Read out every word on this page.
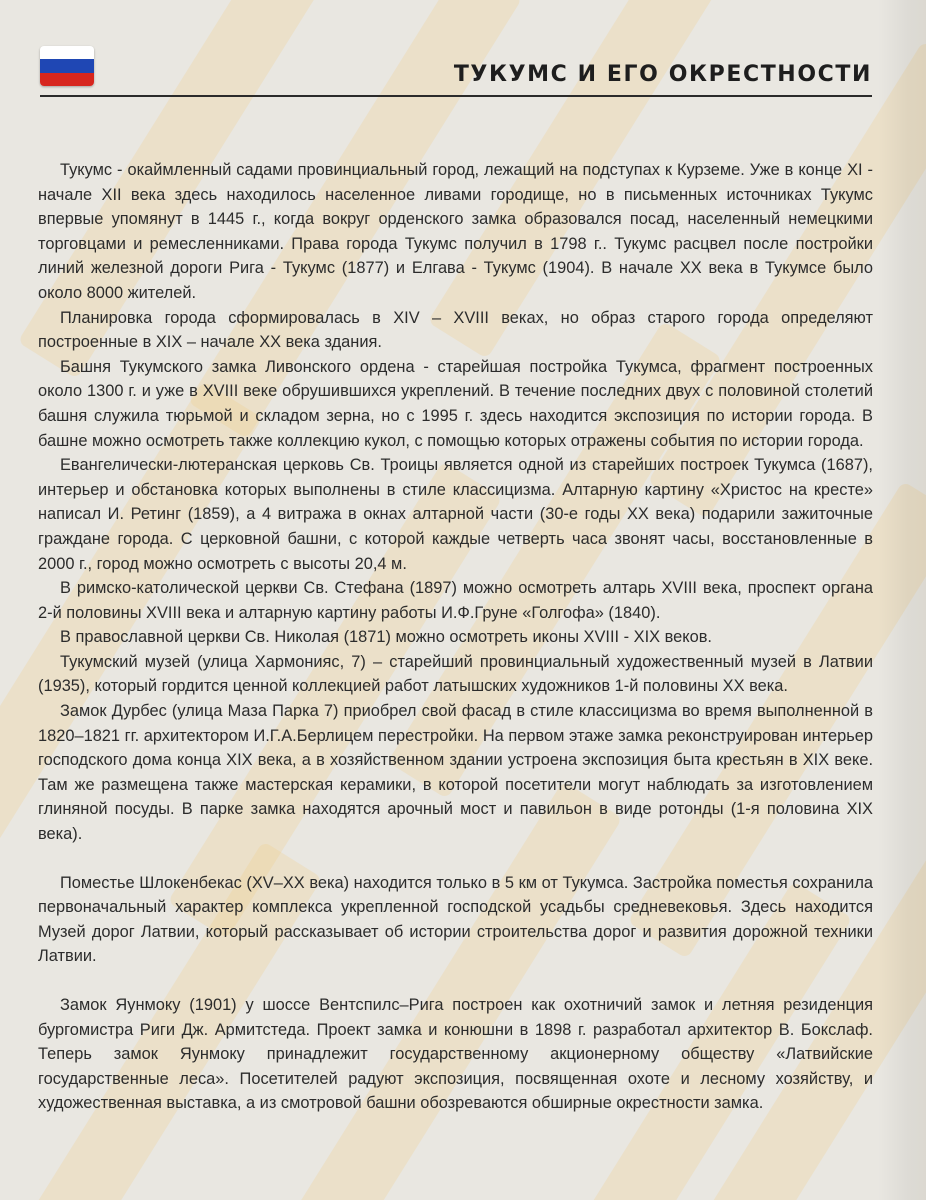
ТУКУМС И ЕГО ОКРЕСТНОСТИ

Тукумс - окаймленный садами провинциальный город, лежащий на подступах к Курземе. Уже в конце XI - начале XII века здесь находилось населенное ливами городище, но в письменных источниках Тукумс впервые упомянут в 1445 г., когда вокруг орденского замка образовался посад, населенный немецкими торговцами и ремесленниками. Права города Тукумс получил в 1798 г.. Тукумс расцвел после постройки линий железной дороги Рига - Тукумс (1877) и Елгава - Тукумс (1904). В начале XX века в Тукумсе было около 8000 жителей.

Планировка города сформировалась в XIV – XVIII веках, но образ старого города определяют построенные в XIX – начале XX века здания.

Башня Тукумского замка Ливонского ордена - старейшая постройка Тукумса, фрагмент построенных около 1300 г. и уже в XVIII веке обрушившихся укреплений. В течение последних двух с половиной столетий башня служила тюрьмой и складом зерна, но с 1995 г. здесь находится экспозиция по истории города. В башне можно осмотреть также коллекцию кукол, с помощью которых отражены события по истории города.

Евангелически-лютеранская церковь Св. Троицы является одной из старейших построек Тукумса (1687), интерьер и обстановка которых выполнены в стиле классицизма. Алтарную картину «Христос на кресте» написал И. Ретинг (1859), а 4 витража в окнах алтарной части (30-е годы XX века) подарили зажиточные граждане города. С церковной башни, с которой каждые четверть часа звонят часы, восстановленные в 2000 г., город можно осмотреть с высоты 20,4 м.

В римско-католической церкви Св. Стефана (1897) можно осмотреть алтарь XVIII века, проспект органа 2-й половины XVIII века и алтарную картину работы И.Ф.Груне «Голгофа» (1840).

В православной церкви Св. Николая (1871) можно осмотреть иконы XVIII - XIX веков.

Тукумский музей (улица Хармонияс, 7) – старейший провинциальный художественный музей в Латвии (1935), который гордится ценной коллекцией работ латышских художников 1-й половины XX века.

Замок Дурбес (улица Маза Парка 7) приобрел свой фасад в стиле классицизма во время выполненной в 1820–1821 гг. архитектором И.Г.А.Берлицем перестройки. На первом этаже замка реконструирован интерьер господского дома конца XIX века, а в хозяйственном здании устроена экспозиция быта крестьян в XIX веке. Там же размещена также мастерская керамики, в которой посетители могут наблюдать за изготовлением глиняной посуды. В парке замка находятся арочный мост и павильон в виде ротонды (1-я половина XIX века).

Поместье Шлокенбекас (XV–XX века) находится только в 5 км от Тукумса. Застройка поместья сохранила первоначальный характер комплекса укрепленной господской усадьбы средневековья. Здесь находится Музей дорог Латвии, который рассказывает об истории строительства дорог и развития дорожной техники Латвии.

Замок Яунмоку (1901) у шоссе Вентспилс–Рига построен как охотничий замок и летняя резиденция бургомистра Риги Дж. Армитстеда. Проект замка и конюшни в 1898 г. разработал архитектор В. Бокслаф. Теперь замок Яунмоку принадлежит государственному акционерному обществу «Латвийские государственные леса». Посетителей радуют экспозиция, посвященная охоте и лесному хозяйству, и художественная выставка, а из смотровой башни обозреваются обширные окрестности замка.
